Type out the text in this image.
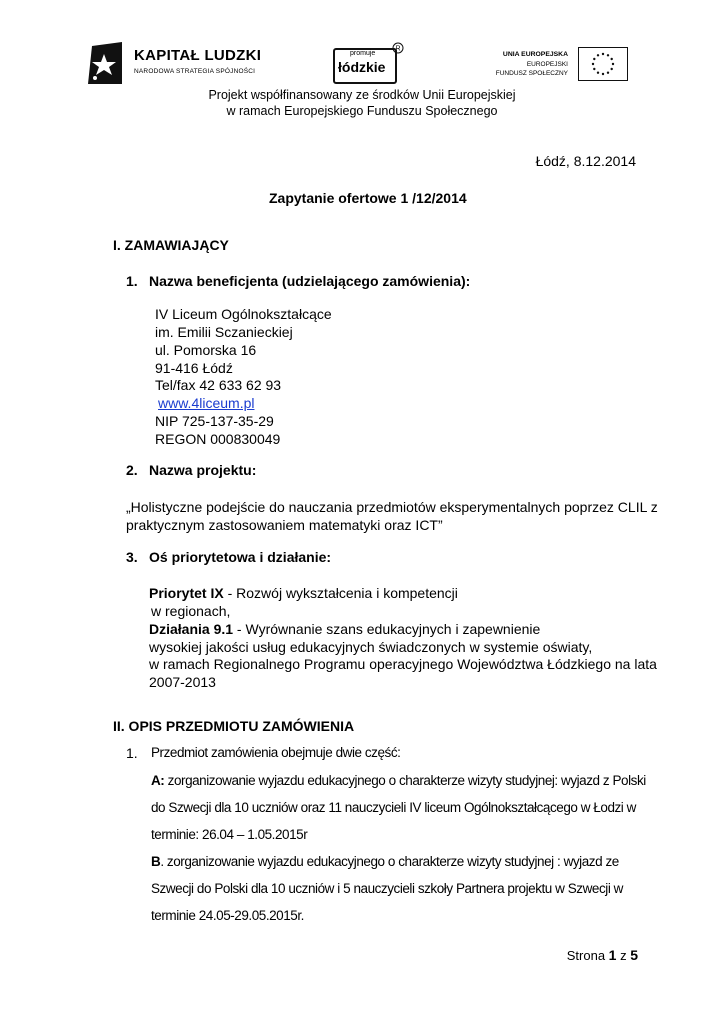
KAPITAŁ LUDZKI
NARODOWA STRATEGIA SPÓJNOŚCI
promuje
łódzkie
R
UNIA EUROPEJSKA
EUROPEJSKI
FUNDUSZ SPOŁECZNY
Projekt współfinansowany ze środków Unii Europejskiej
w ramach Europejskiego Funduszu Społecznego
Łódź, 8.12.2014
Zapytanie ofertowe 1 /12/2014
I. ZAMAWIAJĄCY
1. Nazwa beneficjenta (udzielającego zamówienia):
IV Liceum Ogólnokształcące
im. Emilii Sczanieckiej
ul. Pomorska 16
91-416 Łódź
Tel/fax 42 633 62 93
www.4liceum.pl
NIP 725-137-35-29
REGON 000830049
2. Nazwa projektu:
„Holistyczne podejście do nauczania przedmiotów eksperymentalnych poprzez CLIL z
praktycznym zastosowaniem matematyki oraz ICT”
3. Oś priorytetowa i działanie:
Priorytet IX - Rozwój wykształcenia i kompetencji
w regionach,
Działania 9.1 - Wyrównanie szans edukacyjnych i zapewnienie
wysokiej jakości usług edukacyjnych świadczonych w systemie oświaty,
w ramach Regionalnego Programu operacyjnego Województwa Łódzkiego na lata
2007-2013
II. OPIS PRZEDMIOTU ZAMÓWIENIA
1. Przedmiot zamówienia obejmuje dwie część:
A: zorganizowanie wyjazdu edukacyjnego o charakterze wizyty studyjnej: wyjazd z Polski
do Szwecji dla 10 uczniów oraz 11 nauczycieli IV liceum Ogólnokształcącego w Łodzi w
terminie: 26.04 – 1.05.2015r
B. zorganizowanie wyjazdu edukacyjnego o charakterze wizyty studyjnej : wyjazd ze
Szwecji do Polski dla 10 uczniów i 5 nauczycieli szkoły Partnera projektu w Szwecji w
terminie 24.05-29.05.2015r.
Strona 1 z 5
